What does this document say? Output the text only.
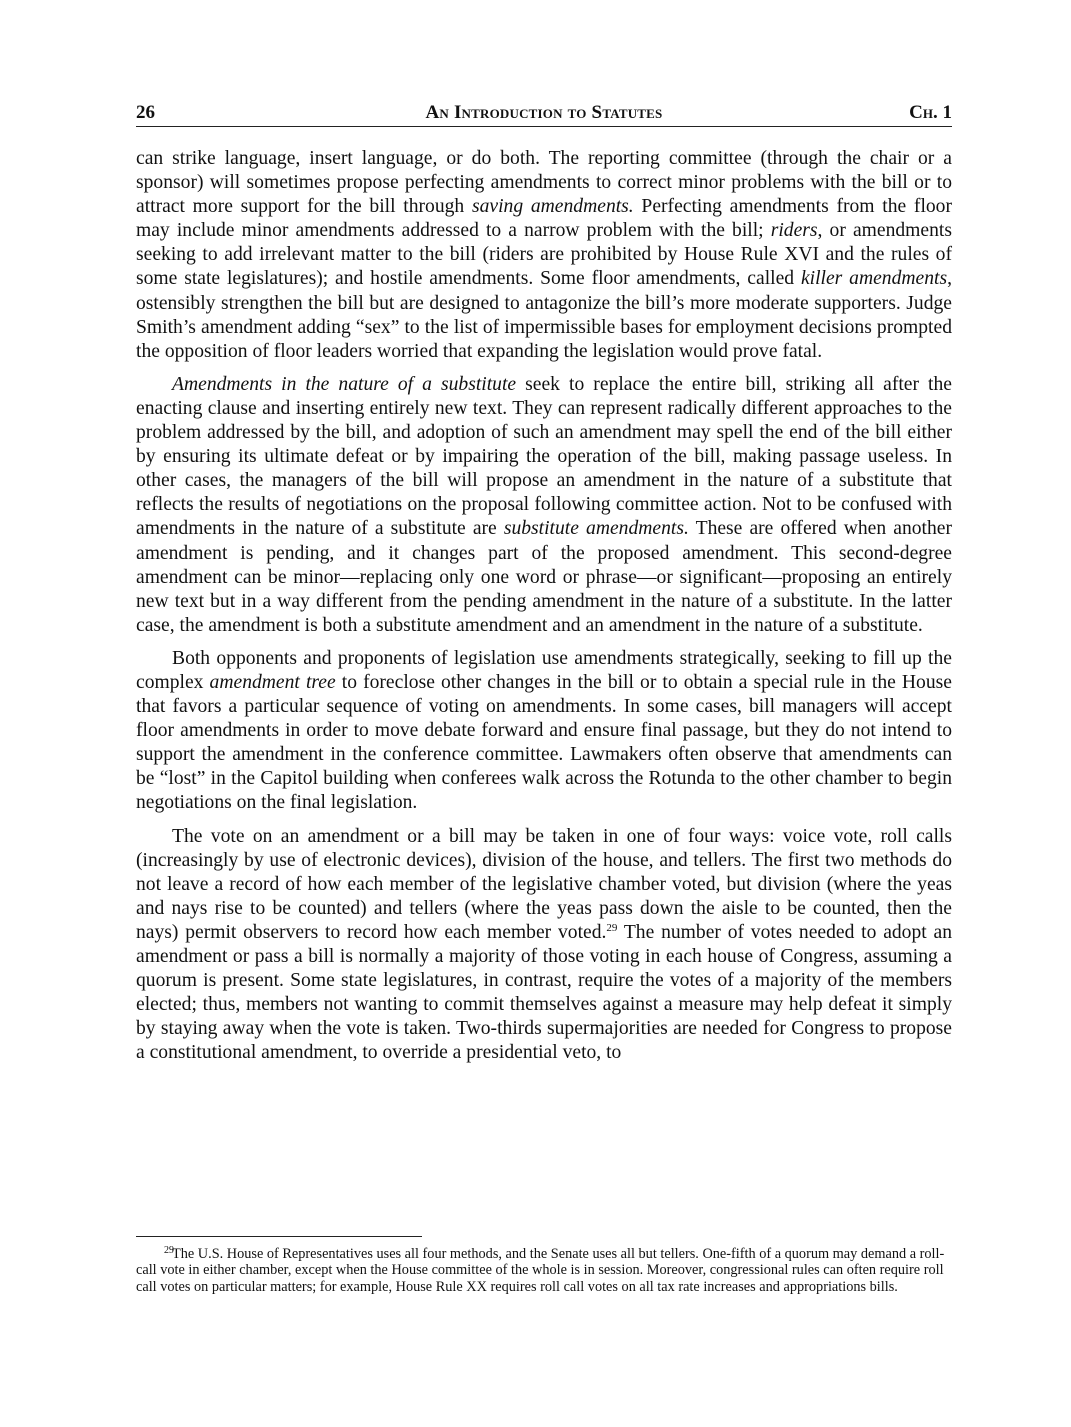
26	An Introduction to Statutes	Ch. 1

can strike language, insert language, or do both. The reporting committee (through the chair or a sponsor) will sometimes propose perfecting amendments to correct minor problems with the bill or to attract more support for the bill through saving amendments. Perfecting amendments from the floor may include minor amendments addressed to a narrow problem with the bill; riders, or amendments seeking to add irrelevant matter to the bill (riders are prohibited by House Rule XVI and the rules of some state legislatures); and hostile amendments. Some floor amendments, called killer amendments, ostensibly strengthen the bill but are designed to antagonize the bill’s more moderate supporters. Judge Smith’s amendment adding “sex” to the list of impermissible bases for employment decisions prompted the opposition of floor leaders worried that expanding the legislation would prove fatal.

Amendments in the nature of a substitute seek to replace the entire bill, striking all after the enacting clause and inserting entirely new text. They can represent radically different approaches to the problem addressed by the bill, and adoption of such an amendment may spell the end of the bill either by ensuring its ultimate defeat or by impairing the operation of the bill, making passage useless. In other cases, the managers of the bill will propose an amendment in the nature of a substitute that reflects the results of negotiations on the proposal following committee action. Not to be confused with amendments in the nature of a substitute are substitute amendments. These are offered when another amendment is pending, and it changes part of the proposed amendment. This second-degree amendment can be minor—replacing only one word or phrase—or significant—proposing an entirely new text but in a way different from the pending amendment in the nature of a substitute. In the latter case, the amendment is both a substitute amendment and an amendment in the nature of a substitute.

Both opponents and proponents of legislation use amendments strategically, seeking to fill up the complex amendment tree to foreclose other changes in the bill or to obtain a special rule in the House that favors a particular sequence of voting on amendments. In some cases, bill managers will accept floor amendments in order to move debate forward and ensure final passage, but they do not intend to support the amendment in the conference committee. Lawmakers often observe that amendments can be “lost” in the Capitol building when conferees walk across the Rotunda to the other chamber to begin negotiations on the final legislation.

The vote on an amendment or a bill may be taken in one of four ways: voice vote, roll calls (increasingly by use of electronic devices), division of the house, and tellers. The first two methods do not leave a record of how each member of the legislative chamber voted, but division (where the yeas and nays rise to be counted) and tellers (where the yeas pass down the aisle to be counted, then the nays) permit observers to record how each member voted.$^{29}$ The number of votes needed to adopt an amendment or pass a bill is normally a majority of those voting in each house of Congress, assuming a quorum is present. Some state legislatures, in contrast, require the votes of a majority of the members elected; thus, members not wanting to commit themselves against a measure may help defeat it simply by staying away when the vote is taken. Two-thirds supermajorities are needed for Congress to propose a constitutional amendment, to override a presidential veto, to

29The U.S. House of Representatives uses all four methods, and the Senate uses all but tellers. One-fifth of a quorum may demand a roll-call vote in either chamber, except when the House committee of the whole is in session. Moreover, congressional rules can often require roll call votes on particular matters; for example, House Rule XX requires roll call votes on all tax rate increases and appropriations bills.
